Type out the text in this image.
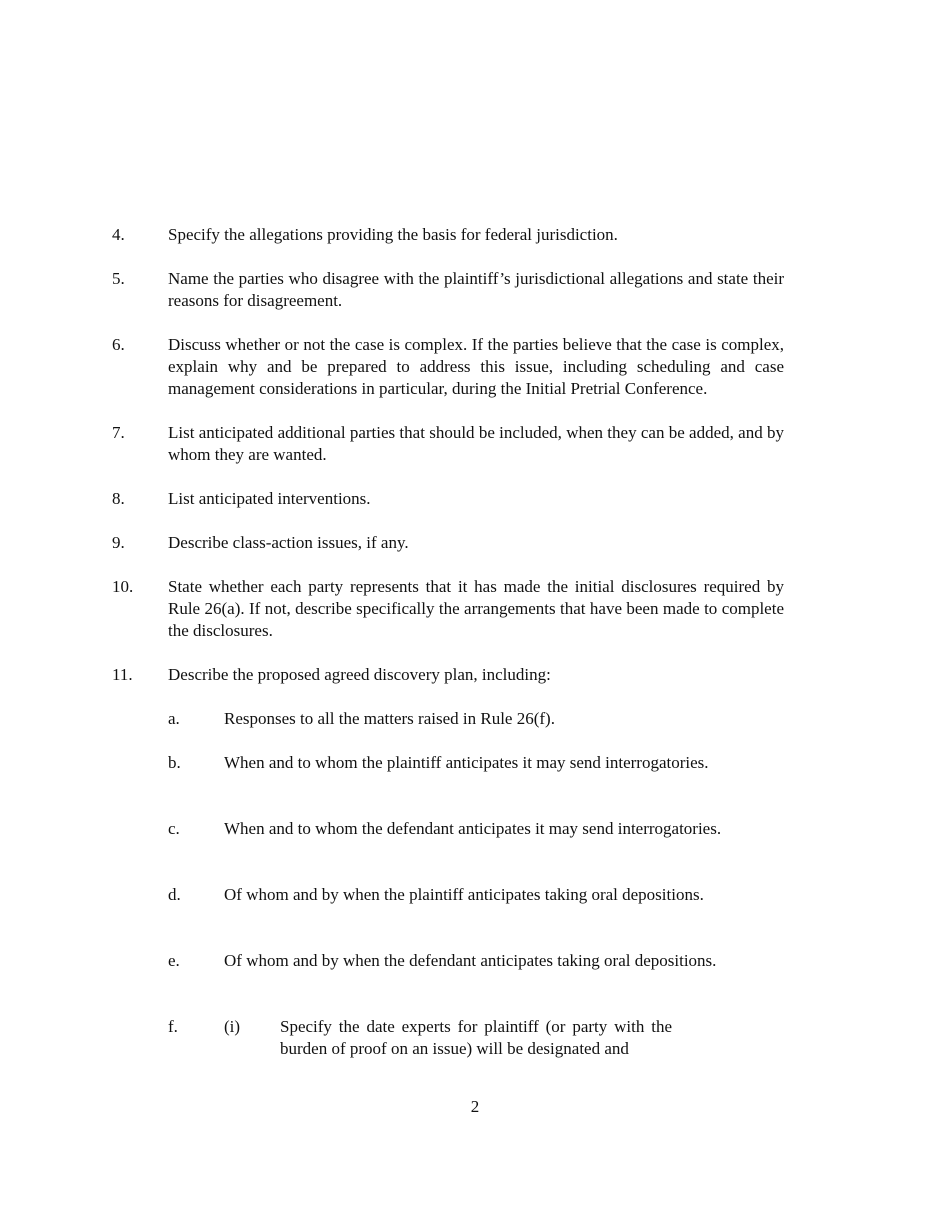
4.	Specify the allegations providing the basis for federal jurisdiction.
5.	Name the parties who disagree with the plaintiff’s jurisdictional allegations and state their reasons for disagreement.
6.	Discuss whether or not the case is complex. If the parties believe that the case is complex, explain why and be prepared to address this issue, including scheduling and case management considerations in particular, during the Initial Pretrial Conference.
7.	List anticipated additional parties that should be included, when they can be added, and by whom they are wanted.
8.	List anticipated interventions.
9.	Describe class-action issues, if any.
10. State whether each party represents that it has made the initial disclosures required by Rule 26(a). If not, describe specifically the arrangements that have been made to complete the disclosures.
11. Describe the proposed agreed discovery plan, including:
a.	Responses to all the matters raised in Rule 26(f).
b.	When and to whom the plaintiff anticipates it may send interrogatories.
c.	When and to whom the defendant anticipates it may send interrogatories.
d.	Of whom and by when the plaintiff anticipates taking oral depositions.
e.	Of whom and by when the defendant anticipates taking oral depositions.
f.	(i) Specify the date experts for plaintiff (or party with the burden of proof on an issue) will be designated and
2
